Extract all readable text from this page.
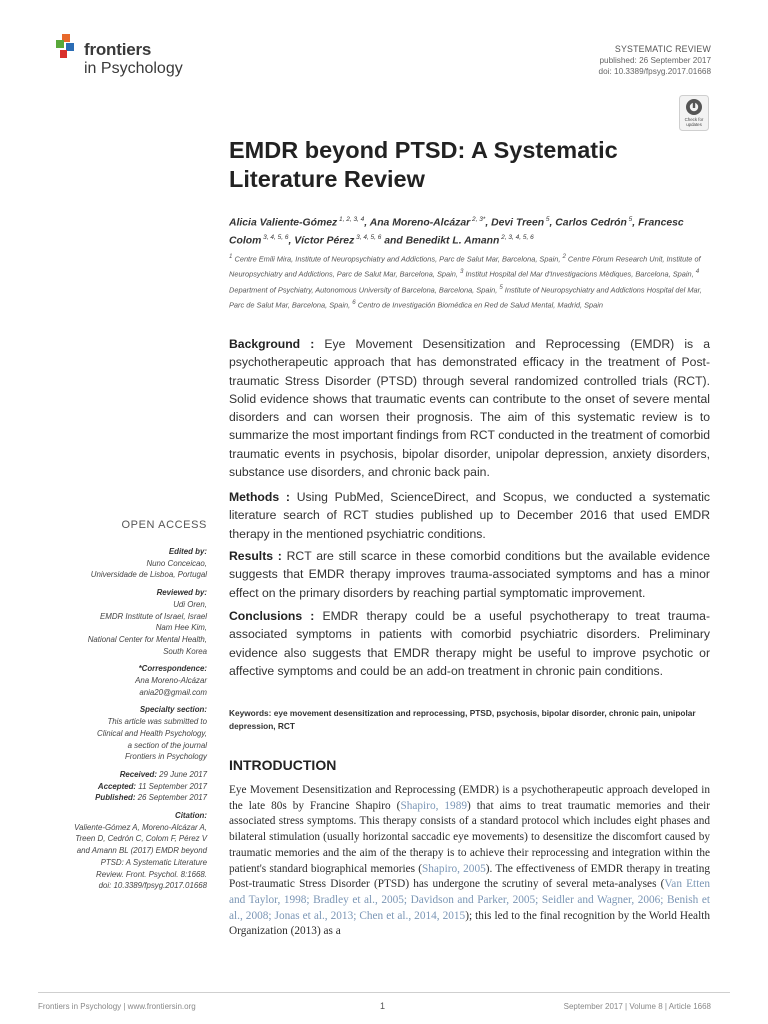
frontiers
in Psychology
SYSTEMATIC REVIEW
published: 26 September 2017
doi: 10.3389/fpsyg.2017.01668
Check for
updates
EMDR beyond PTSD: A Systematic Literature Review
Alicia Valiente-Gómez $^{1, 2, 3, 4}$, Ana Moreno-Alcázar $^{2, 3*}$, Devi Treen $^5$, Carlos Cedrón $^5$, Francesc Colom $^{3, 4, 5, 6}$, Víctor Pérez $^{3, 4, 5, 6}$ and Benedikt L. Amann $^{2, 3, 4, 5, 6}$
$^1$ Centre Emili Mira, Institute of Neuropsychiatry and Addictions, Parc de Salut Mar, Barcelona, Spain, $^2$ Centre Fòrum Research Unit, Institute of Neuropsychiatry and Addictions, Parc de Salut Mar, Barcelona, Spain, $^3$ Institut Hospital del Mar d'Investigacions Mèdiques, Barcelona, Spain, $^4$ Department of Psychiatry, Autonomous University of Barcelona, Barcelona, Spain, $^5$ Institute of Neuropsychiatry and Addictions Hospital del Mar, Parc de Salut Mar, Barcelona, Spain, $^6$ Centro de Investigación Biomédica en Red de Salud Mental, Madrid, Spain
Background : Eye Movement Desensitization and Reprocessing (EMDR) is a psychotherapeutic approach that has demonstrated efficacy in the treatment of Post-traumatic Stress Disorder (PTSD) through several randomized controlled trials (RCT). Solid evidence shows that traumatic events can contribute to the onset of severe mental disorders and can worsen their prognosis. The aim of this systematic review is to summarize the most important findings from RCT conducted in the treatment of comorbid traumatic events in psychosis, bipolar disorder, unipolar depression, anxiety disorders, substance use disorders, and chronic back pain.
Methods : Using PubMed, ScienceDirect, and Scopus, we conducted a systematic literature search of RCT studies published up to December 2016 that used EMDR therapy in the mentioned psychiatric conditions.
Results : RCT are still scarce in these comorbid conditions but the available evidence suggests that EMDR therapy improves trauma-associated symptoms and has a minor effect on the primary disorders by reaching partial symptomatic improvement.
Conclusions : EMDR therapy could be a useful psychotherapy to treat trauma-associated symptoms in patients with comorbid psychiatric disorders. Preliminary evidence also suggests that EMDR therapy might be useful to improve psychotic or affective symptoms and could be an add-on treatment in chronic pain conditions.
Keywords: eye movement desensitization and reprocessing, PTSD, psychosis, bipolar disorder, chronic pain, unipolar depression, RCT
INTRODUCTION
Eye Movement Desensitization and Reprocessing (EMDR) is a psychotherapeutic approach developed in the late 80s by Francine Shapiro (Shapiro, 1989) that aims to treat traumatic memories and their associated stress symptoms. This therapy consists of a standard protocol which includes eight phases and bilateral stimulation (usually horizontal saccadic eye movements) to desensitize the discomfort caused by traumatic memories and the aim of the therapy is to achieve their reprocessing and integration within the patient's standard biographical memories (Shapiro, 2005). The effectiveness of EMDR therapy in treating Post-traumatic Stress Disorder (PTSD) has undergone the scrutiny of several meta-analyses (Van Etten and Taylor, 1998; Bradley et al., 2005; Davidson and Parker, 2005; Seidler and Wagner, 2006; Benish et al., 2008; Jonas et al., 2013; Chen et al., 2014, 2015); this led to the final recognition by the World Health Organization (2013) as a
OPEN ACCESS
Edited by:
Nuno Conceicao,
Universidade de Lisboa, Portugal
Reviewed by:
Udi Oren,
EMDR Institute of Israel, Israel
Nam Hee Kim,
National Center for Mental Health,
South Korea
*Correspondence:
Ana Moreno-Alcázar
ania20@gmail.com
Specialty section:
This article was submitted to
Clinical and Health Psychology,
a section of the journal
Frontiers in Psychology
Received: 29 June 2017
Accepted: 11 September 2017
Published: 26 September 2017
Citation:
Valiente-Gómez A, Moreno-Alcázar A,
Treen D, Cedrón C, Colom F, Pérez V
and Amann BL (2017) EMDR beyond
PTSD: A Systematic Literature
Review. Front. Psychol. 8:1668.
doi: 10.3389/fpsyg.2017.01668
Frontiers in Psychology | www.frontiersin.org	1	September 2017 | Volume 8 | Article 1668
